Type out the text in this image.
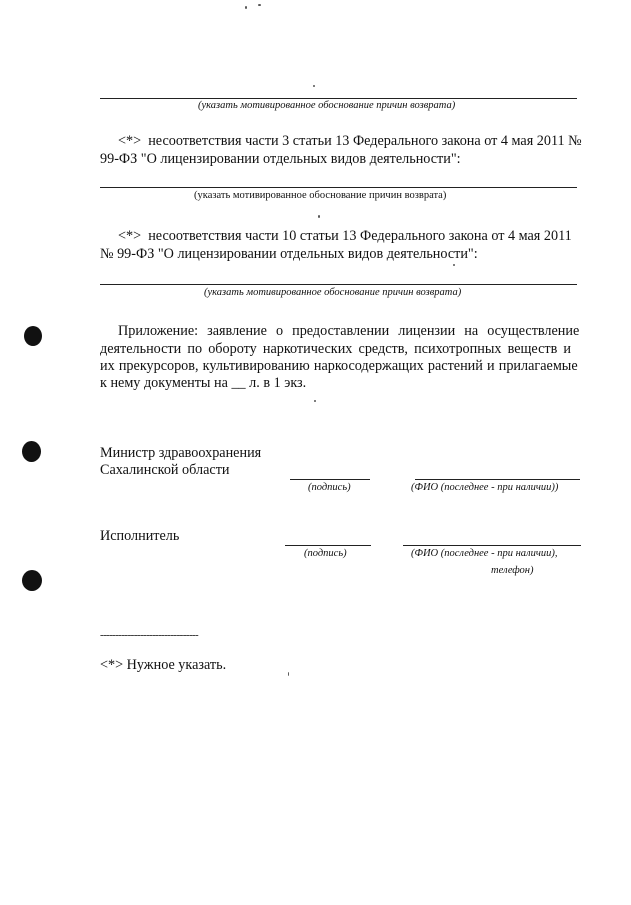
(указать мотивированное обоснование причин возврата)
<*> несоответствия части 3 статьи 13 Федерального закона от 4 мая 2011 №
99-ФЗ "О лицензировании отдельных видов деятельности":
(указать мотивированное обоснование причин возврата)
<*> несоответствия части 10 статьи 13 Федерального закона от 4 мая 2011
№ 99-ФЗ "О лицензировании отдельных видов деятельности":
(указать мотивированное обоснование причин возврата)
Приложение: заявление о предоставлении лицензии на осуществление
деятельности по обороту наркотических средств, психотропных веществ и
их прекурсоров, культивированию наркосодержащих растений и прилагаемые
к нему документы на __ л. в 1 экз.
Министр здравоохранения
Сахалинской области
(подпись)	(ФИО (последнее - при наличии))
Исполнитель
(подпись)	(ФИО (последнее - при наличии),
телефон)
--------------------------------
<*> Нужное указать.
